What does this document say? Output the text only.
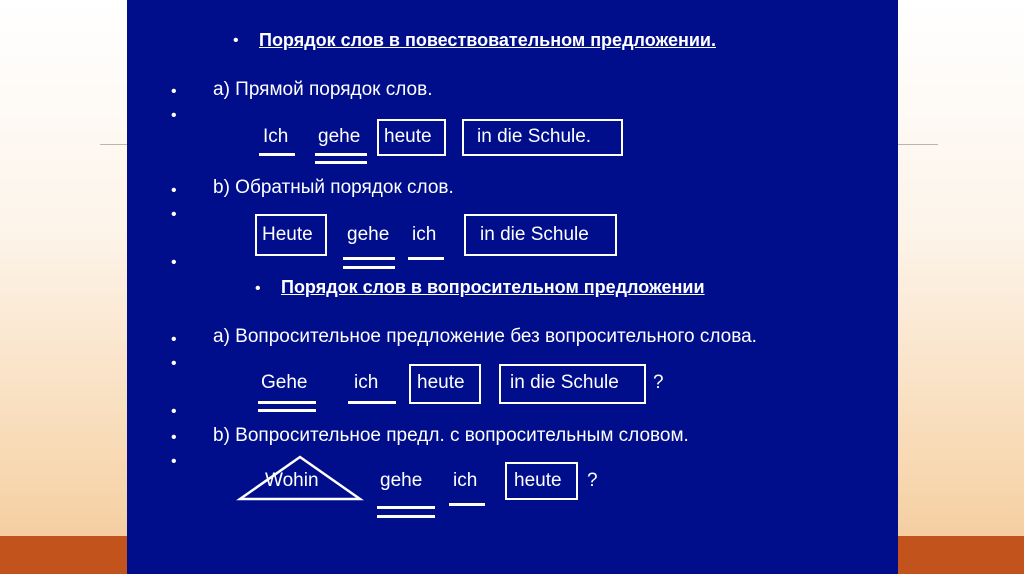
• Порядок слов в повествовательном предложении.
• а) Прямой порядок слов.
•
Ich gehe heute in die Schule.
• b) Обратный порядок слов.
•
Heute gehe ich in die Schule
•
• Порядок слов в вопросительном предложении
• а) Вопросительное предложение без вопросительного слова.
•
Gehe ich heute in die Schule ?
•
• b) Вопросительное предл. с вопросительным словом.
•
Wohin	gehe ich heute ?
